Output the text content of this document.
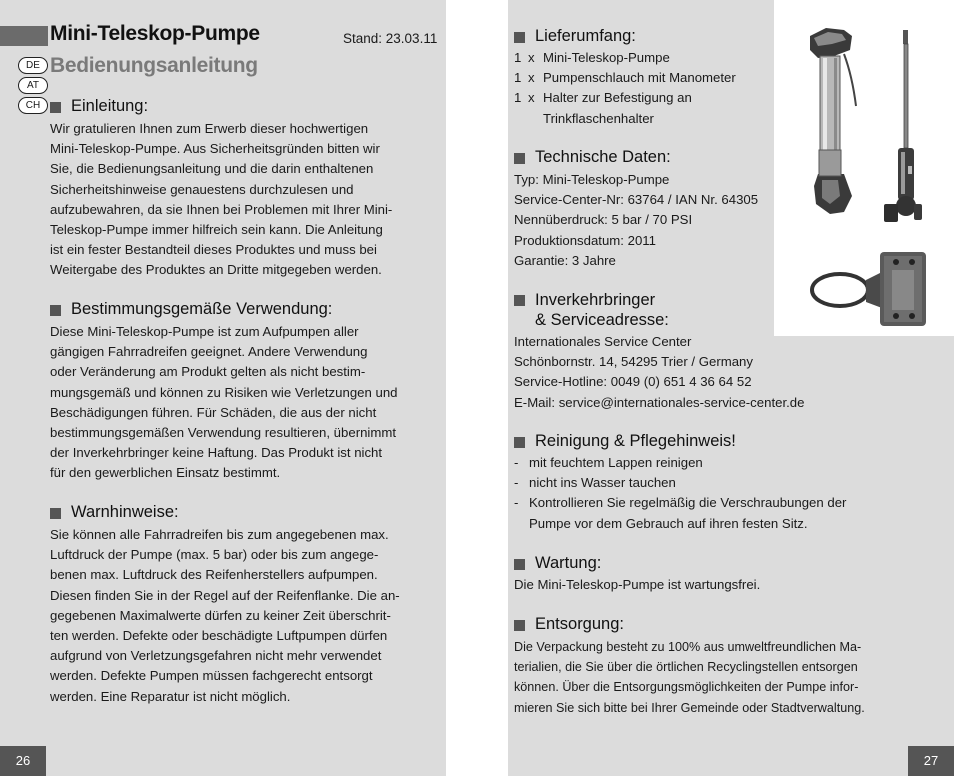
Mini-Teleskop-Pumpe	Stand: 23.03.11
Bedienungsanleitung
DE
AT
CH	Einleitung:
Wir gratulieren Ihnen zum Erwerb dieser hochwertigen
Mini-Teleskop-Pumpe. Aus Sicherheitsgründen bitten wir
Sie, die Bedienungsanleitung und die darin enthaltenen
Sicherheitshinweise genauestens durchzulesen und
aufzubewahren, da sie Ihnen bei Problemen mit Ihrer Mini-
Teleskop-Pumpe immer hilfreich sein kann. Die Anleitung
ist ein fester Bestandteil dieses Produktes und muss bei
Weitergabe des Produktes an Dritte mitgegeben werden.
Bestimmungsgemäße Verwendung:
Diese Mini-Teleskop-Pumpe ist zum Aufpumpen aller
gängigen Fahrradreifen geeignet. Andere Verwendung
oder Veränderung am Produkt gelten als nicht bestim-
mungsgemäß und können zu Risiken wie Verletzungen und
Beschädigungen führen. Für Schäden, die aus der nicht
bestimmungsgemäßen Verwendung resultieren, übernimmt
der Inverkehrbringer keine Haftung. Das Produkt ist nicht
für den gewerblichen Einsatz bestimmt.
Warnhinweise:
Sie können alle Fahrradreifen bis zum angegebenen max.
Luftdruck der Pumpe (max. 5 bar) oder bis zum angege-
benen max. Luftdruck des Reifenherstellers aufpumpen.
Diesen finden Sie in der Regel auf der Reifenflanke. Die an-
gegebenen Maximalwerte dürfen zu keiner Zeit überschrit-
ten werden. Defekte oder beschädigte Luftpumpen dürfen
aufgrund von Verletzungsgefahren nicht mehr verwendet
werden. Defekte Pumpen müssen fachgerecht entsorgt
werden. Eine Reparatur ist nicht möglich.
26
Lieferumfang:
1 x Mini-Teleskop-Pumpe
1 x Pumpenschlauch mit Manometer
1 x Halter zur Befestigung an
Trinkflaschenhalter
Technische Daten:
Typ: Mini-Teleskop-Pumpe
Service-Center-Nr: 63764 / IAN Nr. 64305
Nennüberdruck: 5 bar / 70 PSI
Produktionsdatum: 2011
Garantie: 3 Jahre
Inverkehrbringer
& Serviceadresse:
Internationales Service Center
Schönbornstr. 14, 54295 Trier / Germany
Service-Hotline: 0049 (0) 651 4 36 64 52
E-Mail: service@internationales-service-center.de
Reinigung & Pflegehinweis!
- mit feuchtem Lappen reinigen
- nicht ins Wasser tauchen
- Kontrollieren Sie regelmäßig die Verschraubungen der
Pumpe vor dem Gebrauch auf ihren festen Sitz.
Wartung:
Die Mini-Teleskop-Pumpe ist wartungsfrei.
Entsorgung:
Die Verpackung besteht zu 100% aus umweltfreundlichen Ma-
terialien, die Sie über die örtlichen Recyclingstellen entsorgen
können. Über die Entsorgungsmöglichkeiten der Pumpe infor-
mieren Sie sich bitte bei Ihrer Gemeinde oder Stadtverwaltung.
27
